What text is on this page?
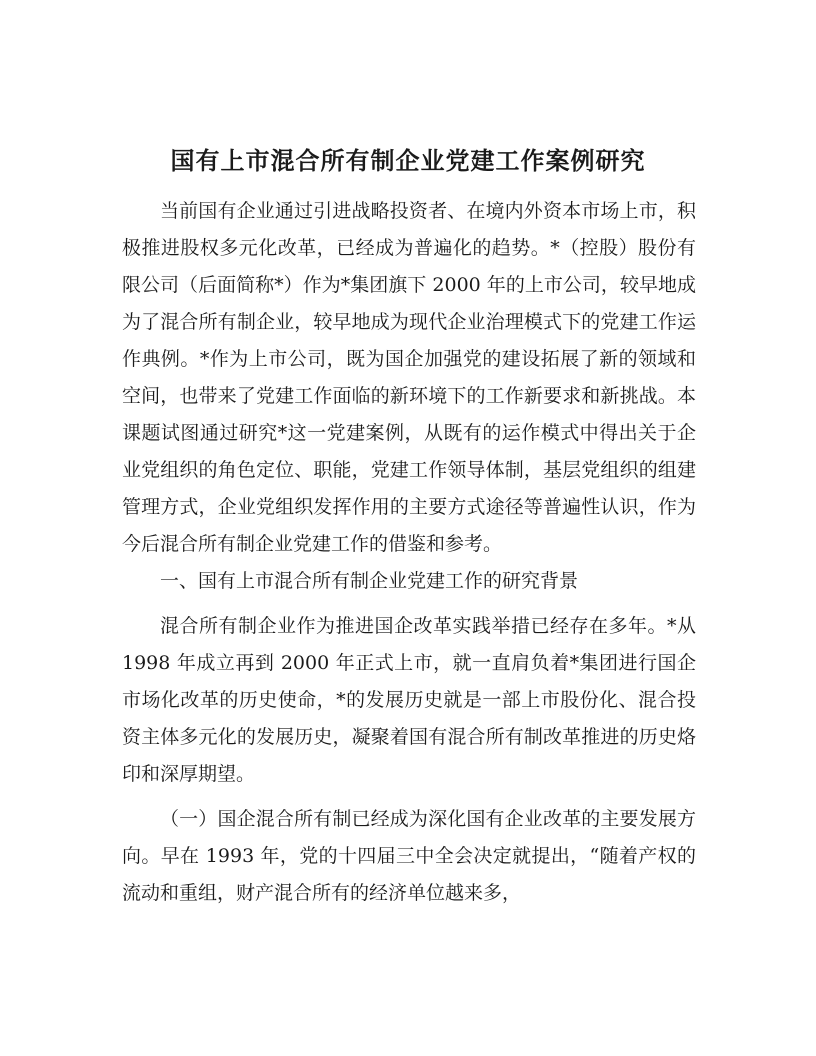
国有上市混合所有制企业党建工作案例研究

当前国有企业通过引进战略投资者、在境内外资本市场上市，积极推进股权多元化改革，已经成为普遍化的趋势。*（控股）股份有限公司（后面简称*）作为*集团旗下 2000 年的上市公司，较早地成为了混合所有制企业，较早地成为现代企业治理模式下的党建工作运作典例。*作为上市公司，既为国企加强党的建设拓展了新的领域和空间，也带来了党建工作面临的新环境下的工作新要求和新挑战。本课题试图通过研究*这一党建案例，从既有的运作模式中得出关于企业党组织的角色定位、职能，党建工作领导体制，基层党组织的组建管理方式，企业党组织发挥作用的主要方式途径等普遍性认识，作为今后混合所有制企业党建工作的借鉴和参考。

一、国有上市混合所有制企业党建工作的研究背景

混合所有制企业作为推进国企改革实践举措已经存在多年。*从 1998 年成立再到 2000 年正式上市，就一直肩负着*集团进行国企市场化改革的历史使命，*的发展历史就是一部上市股份化、混合投资主体多元化的发展历史，凝聚着国有混合所有制改革推进的历史烙印和深厚期望。

（一）国企混合所有制已经成为深化国有企业改革的主要发展方向。早在 1993 年，党的十四届三中全会决定就提出，“随着产权的流动和重组，财产混合所有的经济单位越来多，
